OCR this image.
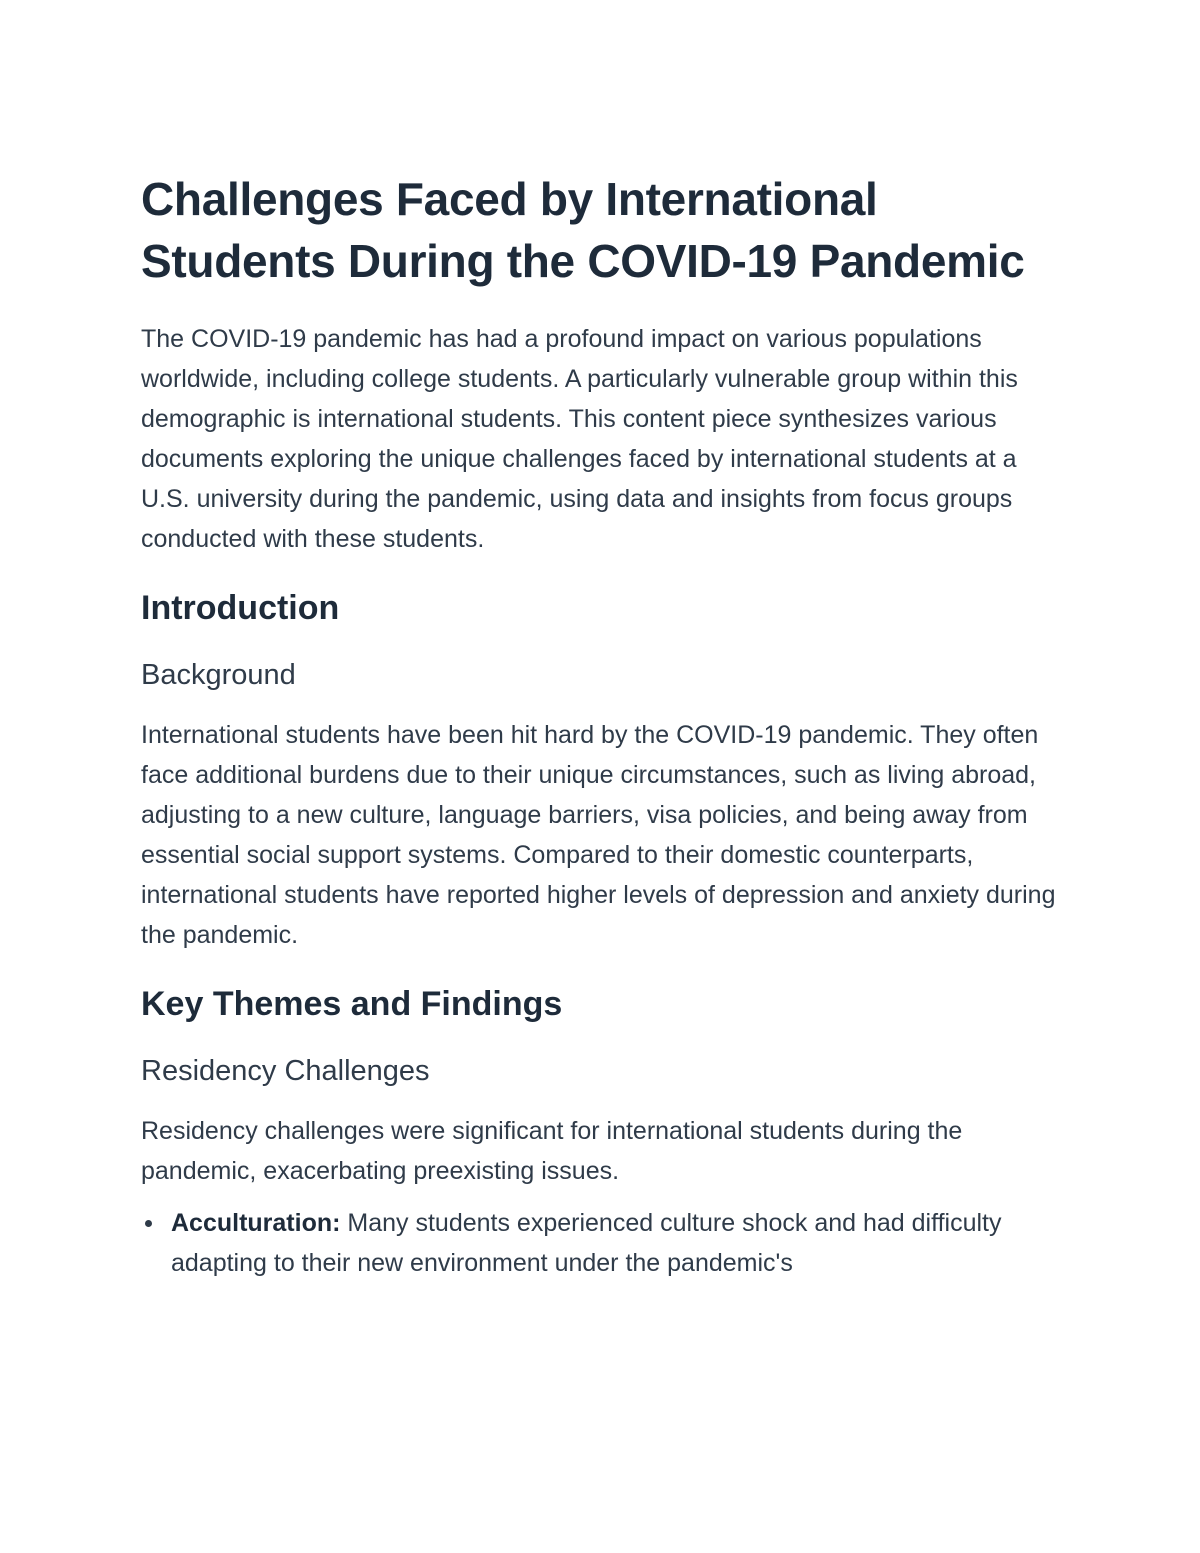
Challenges Faced by International Students During the COVID-19 Pandemic

The COVID-19 pandemic has had a profound impact on various populations worldwide, including college students. A particularly vulnerable group within this demographic is international students. This content piece synthesizes various documents exploring the unique challenges faced by international students at a U.S. university during the pandemic, using data and insights from focus groups conducted with these students.

Introduction
Background

International students have been hit hard by the COVID-19 pandemic. They often face additional burdens due to their unique circumstances, such as living abroad, adjusting to a new culture, language barriers, visa policies, and being away from essential social support systems. Compared to their domestic counterparts, international students have reported higher levels of depression and anxiety during the pandemic.

Key Themes and Findings
Residency Challenges

Residency challenges were significant for international students during the pandemic, exacerbating preexisting issues.

Acculturation: Many students experienced culture shock and had difficulty adapting to their new environment under the pandemic's
